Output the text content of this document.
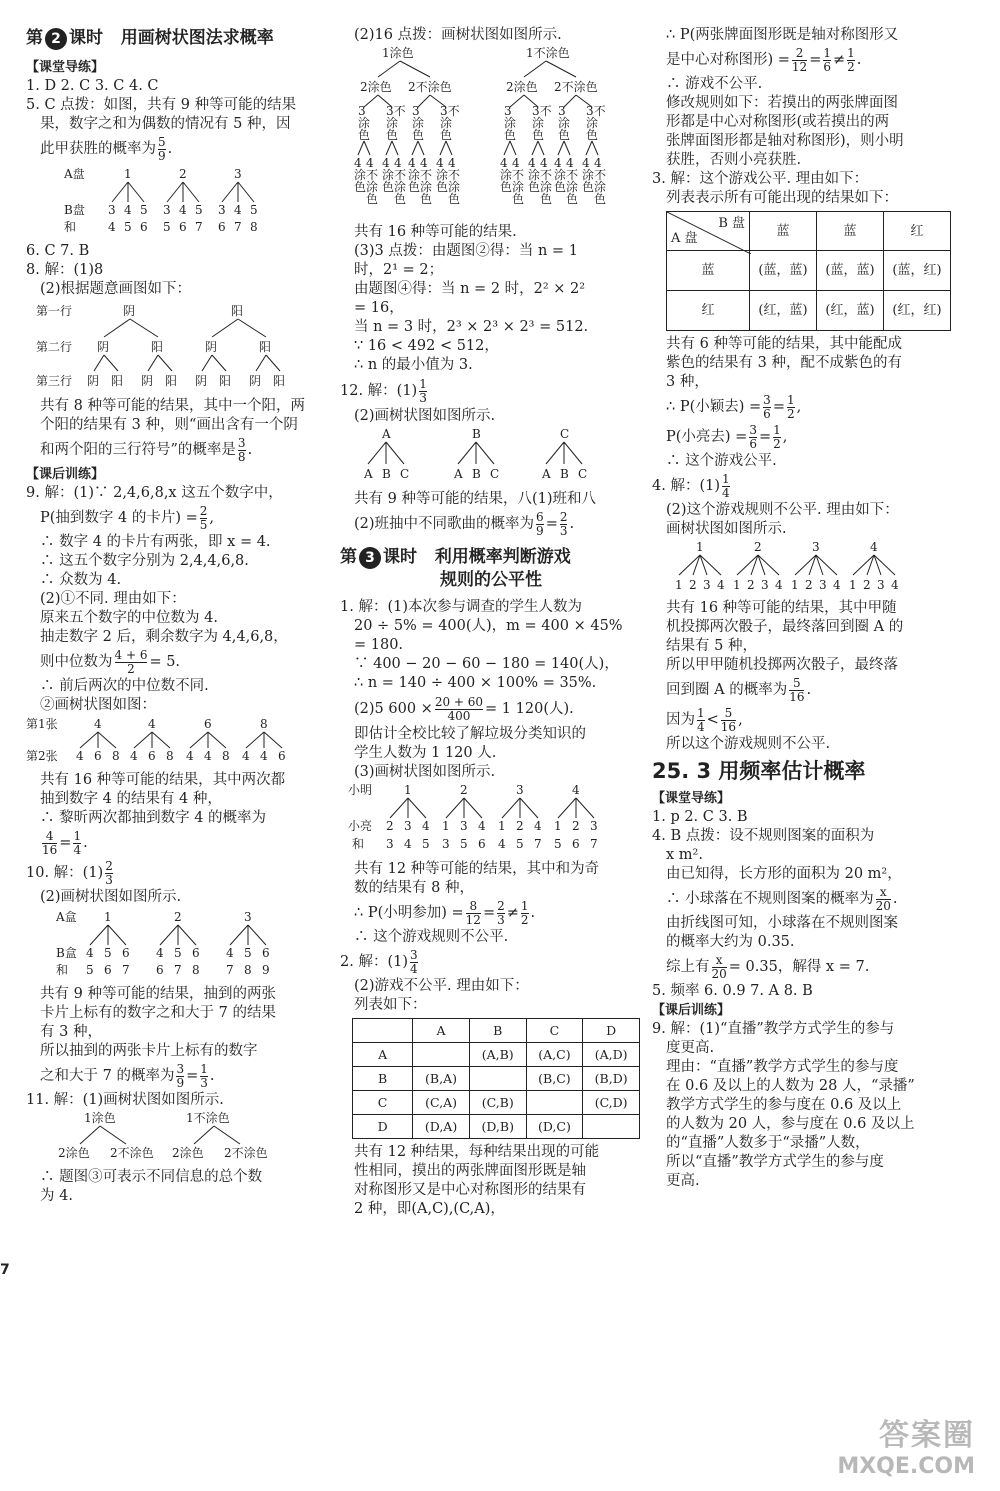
第 2 课时 用画树状图法求概率
【课堂导练】
1. D 2. C 3. C 4. C
5. C 点拨：如图，共有 9 种等可能的结果
果，数字之和为偶数的情况有 5 种，因
此甲获胜的概率为 $\frac{5}{9}$ .
A盘
B盘
和
1	2	3
3 4 5 3 4 5 3 4 5
4 5 6 5 6 7 6 7 8
6. C 7. B
8. 解：(1)8
(2)根据题意画图如下：
第一行
第二行
第三行
阴	阳
阴	阳	阴	阳
阴 阳 阴 阳 阴 阳 阴 阳
共有 8 种等可能的结果，其中一个阳，两
个阳的结果有 3 种，则“画出含有一个阴
和两个阳的三行符号”的概率是 $\frac{3}{8}$ .
【课后训练】
9. 解：(1)∵ 2,4,6,8,x 这五个数字中，
P(抽到数字 4 的卡片) = $\frac{2}{5}$ ,
∴ 数字 4 的卡片有两张，即 x = 4.
∴ 这五个数字分别为 2,4,4,6,8.
∴ 众数为 4.
(2)①不同. 理由如下：
原来五个数字的中位数为 4.
抽走数字 2 后，剩余数字为 4,4,6,8，
则中位数为 $\frac{4 + 6}{2} = 5$.
∴ 前后两次的中位数不同.
②画树状图如图：
第1张
第2张
4	4	6	8
4 6 8 4 6 8 4 4 8 4 4 6
共有 16 种等可能的结果，其中两次都
抽到数字 4 的结果有 4 种，
∴ 黎昕两次都抽到数字 4 的概率为
$\frac{4}{16} = \frac{1}{4}$ .
10. 解：$(1) \frac{2}{3}$
(2)画树状图如图所示.
A盒
B盒
和
1	2	3
4 5 6 4 5 6 4 5 6
5 6 7 6 7 8 7 8 9
共有 9 种等可能的结果，抽到的两张
卡片上标有的数字之和大于 7 的结果
有 3 种，
所以抽到的两张卡片上标有的数字
之和大于 7 的概率为 $\frac{3}{9} = \frac{1}{3}$ .
11. 解：(1)画树状图如图所示.
1涂色	1不涂色
2涂色 2不涂色 2涂色 2不涂色
∴ 题图③可表示不同信息的总个数
为 4.
(2)16 点拨：画树状图如图所示.
1涂色	1不涂色
2涂色 2不涂色	2涂色 2不涂色
3
涂
色
3不
涂
色
3
涂
色
3不
涂
色
3
涂
色
3不
涂
色
3
涂
色
3不
涂
色
4
涂
色
4
不
涂
色
4
涂
色
4
不
涂
色
4
涂
色
4
不
涂
色
4
涂
色
4
不
涂
色
4
涂
色
4
不
涂
色
4
涂
色
4
不
涂
色
4
涂
色
4
不
涂
色
4
涂
色
4
不
涂
色
共有 16 种等可能的结果.
(3)3 点拨：由题图②得：当 n = 1
时，2¹ = 2；
由题图④得：当 n = 2 时，2² × 2²
= 16，
当 n = 3 时，2³ × 2³ × 2³ = 512.
∵ 16 < 492 < 512，
∴ n 的最小值为 3.
12. 解：$(1) \frac{1}{3}$
(2)画树状图如图所示.
A	B	C
A B C	A B C	A B C
共有 9 种等可能的结果，八(1)班和八
(2)班抽中不同歌曲的概率为 $\frac{6}{9} = \frac{2}{3}$ .
第 3 课时 利用概率判断游戏
规则的公平性
1. 解：(1)本次参与调查的学生人数为
20 ÷ 5% = 400(人)，m = 400 × 45%
= 180.
∵ 400 − 20 − 60 − 180 = 140(人)，
∴ n = 140 ÷ 400 × 100% = 35%.
(2)5 $600 \times \frac{20 + 60}{400} = 1$ 120(人).
即估计全校比较了解垃圾分类知识的
学生人数为 1 120 人.
(3)画树状图如图所示.
小明
小亮
和
1	2	3	4
2 3 4 1 3 4 1 2 4 1 2 3
3 4 5 3 5 6 4 5 7 5 6 7
共有 12 种等可能的结果，其中和为奇
数的结果有 8 种，
∴ P(小明参加) = $\frac{8}{12} = \frac{2}{3} \ne \frac{1}{2}$ .
∴ 这个游戏规则不公平.
2. 解：$(1) \frac{3}{4}$
(2)游戏不公平. 理由如下：
列表如下：
	A	B	C	D
A		(A,B)	(A,C)	(A,D)
B	(B,A)		(B,C)	(B,D)
C	(C,A)	(C,B)		(C,D)
D	(D,A)	(D,B)	(D,C)	
共有 12 种结果，每种结果出现的可能
性相同，摸出的两张牌面图形既是轴
对称图形又是中心对称图形的结果有
2 种，即(A,C),(C,A)，
∴ P(两张牌面图形既是轴对称图形又
是中心对称图形) = $\frac{2}{12} = \frac{1}{6} \ne \frac{1}{2}$ .
∴ 游戏不公平.
修改规则如下：若摸出的两张牌面图
形都是中心对称图形(或若摸出的两
张牌面图形都是轴对称图形)，则小明
获胜，否则小亮获胜.
3. 解：这个游戏公平. 理由如下：
列表表示所有可能出现的结果如下：
B 盘
A 盘	蓝	蓝	红
蓝	(蓝，蓝)	(蓝，蓝)	(蓝，红)
红	(红，蓝)	(红，蓝)	(红，红)
共有 6 种等可能的结果，其中能配成
紫色的结果有 3 种，配不成紫色的有
3 种，
∴ P(小颖去) = $\frac{3}{6} = \frac{1}{2}$ ,
P(小亮去) = $\frac{3}{6} = \frac{1}{2}$ ,
∴ 这个游戏公平.
4. 解：$(1) \frac{1}{4}$
(2)这个游戏规则不公平. 理由如下：
画树状图如图所示.
1
1 2 3 4
2
1 2 3 4
3
1 2 3 4
4
1 2 3 4
共有 16 种等可能的结果，其中甲随
机投掷两次骰子，最终落回到圈 A 的
结果有 5 种，
所以甲甲随机投掷两次骰子，最终落
回到圈 A 的概率为 $\frac{5}{16}$ .
因为 $\frac{1}{4} < \frac{5}{16}$ ,
所以这个游戏规则不公平.
25. 3 用频率估计概率
【课堂导练】
1. p 2. C 3. B
4. B 点拨：设不规则图案的面积为
x m².
由已知得，长方形的面积为 20 m²，
∴ 小球落在不规则图案的概率为 $\frac{x}{20}$ .
由折线图可知，小球落在不规则图案
的概率大约为 0.35.
综上有 $\frac{x}{20} = 0.35$，解得 x = 7.
5. 频率 6. 0.9 7. A 8. B
【课后训练】
9. 解：(1)“直播”教学方式学生的参与
度更高.
理由：“直播”教学方式学生的参与度
在 0.6 及以上的人数为 28 人，“录播”
教学方式学生的参与度在 0.6 及以上
的人数为 20 人，参与度在 0.6 及以上
的“直播”人数多于“录播”人数，
所以“直播”教学方式学生的参与度
更高.
7
答案圈
MXQE.COM
